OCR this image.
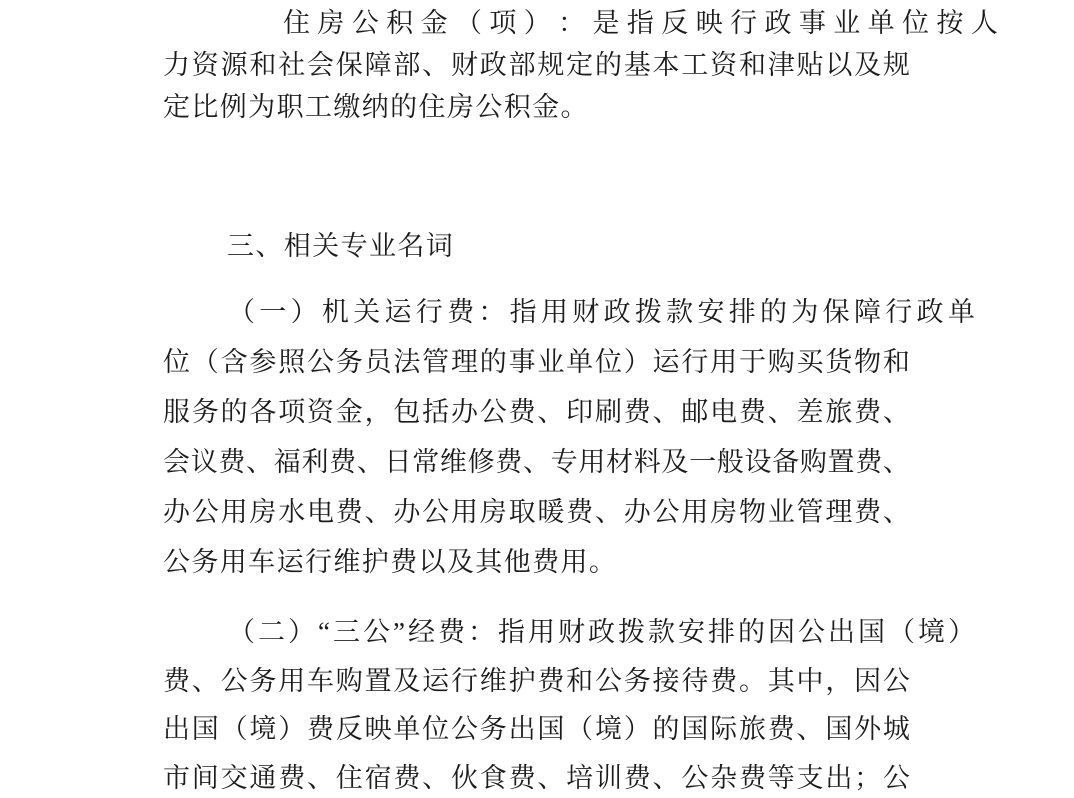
住 房 公 积 金 （ 项 ） ： 是 指 反 映 行 政 事 业 单 位 按 人
力 资 源 和 社 会 保 障 部 、 财 政 部 规 定 的 基 本 工 资 和 津 贴 以 及 规
定 比 例 为 职 工 缴 纳 的 住 房 公 积 金 。
三 、 相 关 专 业 名 词
（ 一 ） 机 关 运 行 费 ： 指 用 财 政 拨 款 安 排 的 为 保 障 行 政 单
位 （ 含 参 照 公 务 员 法 管 理 的 事 业 单 位 ） 运 行 用 于 购 买 货 物 和
服 务 的 各 项 资 金 ， 包 括 办 公 费 、 印 刷 费 、 邮 电 费 、 差 旅 费 、
会 议 费 、 福 利 费 、 日 常 维 修 费 、 专 用 材 料 及 一 般 设 备 购 置 费 、
办 公 用 房 水 电 费 、 办 公 用 房 取 暖 费 、 办 公 用 房 物 业 管 理 费 、
公 务 用 车 运 行 维 护 费 以 及 其 他 费 用 。
（ 二 ） “ 三 公 ” 经 费 ： 指 用 财 政 拨 款 安 排 的 因 公 出 国 （ 境 ）
费 、 公 务 用 车 购 置 及 运 行 维 护 费 和 公 务 接 待 费 。 其 中 ， 因 公
出 国 （ 境 ） 费 反 映 单 位 公 务 出 国 （ 境 ） 的 国 际 旅 费 、 国 外 城
市 间 交 通 费 、 住 宿 费 、 伙 食 费 、 培 训 费 、 公 杂 费 等 支 出 ； 公
